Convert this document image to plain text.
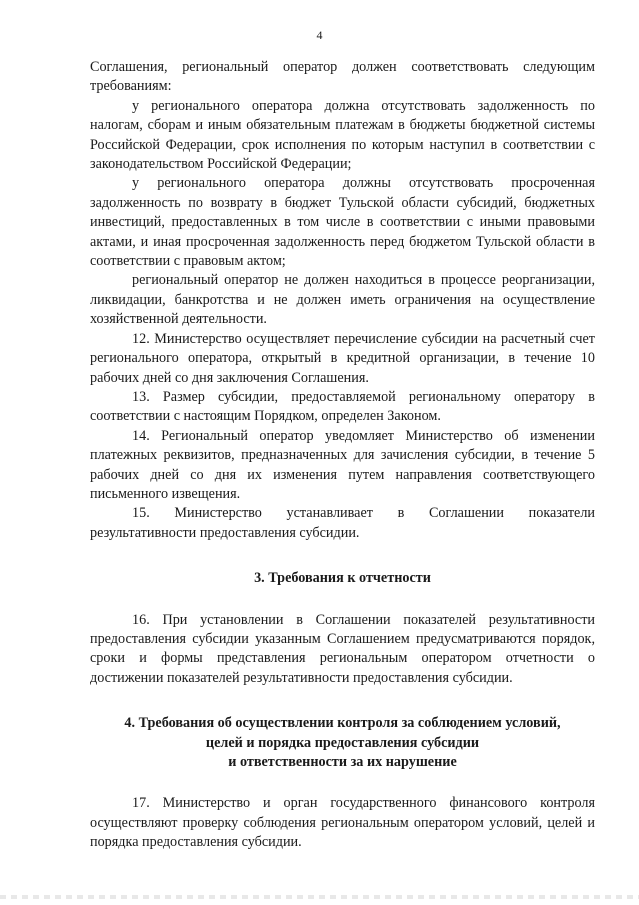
4

Соглашения, региональный оператор должен соответствовать следующим требованиям:

у регионального оператора должна отсутствовать задолженность по налогам, сборам и иным обязательным платежам в бюджеты бюджетной системы Российской Федерации, срок исполнения по которым наступил в соответствии с законодательством Российской Федерации;

у регионального оператора должны отсутствовать просроченная задолженность по возврату в бюджет Тульской области субсидий, бюджетных инвестиций, предоставленных в том числе в соответствии с иными правовыми актами, и иная просроченная задолженность перед бюджетом Тульской области в соответствии с правовым актом;

региональный оператор не должен находиться в процессе реорганизации, ликвидации, банкротства и не должен иметь ограничения на осуществление хозяйственной деятельности.

12. Министерство осуществляет перечисление субсидии на расчетный счет регионального оператора, открытый в кредитной организации, в течение 10 рабочих дней со дня заключения Соглашения.

13. Размер субсидии, предоставляемой региональному оператору в соответствии с настоящим Порядком, определен Законом.

14. Региональный оператор уведомляет Министерство об изменении платежных реквизитов, предназначенных для зачисления субсидии, в течение 5 рабочих дней со дня их изменения путем направления соответствующего письменного извещения.

15. Министерство устанавливает в Соглашении показатели результативности предоставления субсидии.

3. Требования к отчетности

16. При установлении в Соглашении показателей результативности предоставления субсидии указанным Соглашением предусматриваются порядок, сроки и формы представления региональным оператором отчетности о достижении показателей результативности предоставления субсидии.

4. Требования об осуществлении контроля за соблюдением условий,
целей и порядка предоставления субсидии
и ответственности за их нарушение

17. Министерство и орган государственного финансового контроля осуществляют проверку соблюдения региональным оператором условий, целей и порядка предоставления субсидии.
